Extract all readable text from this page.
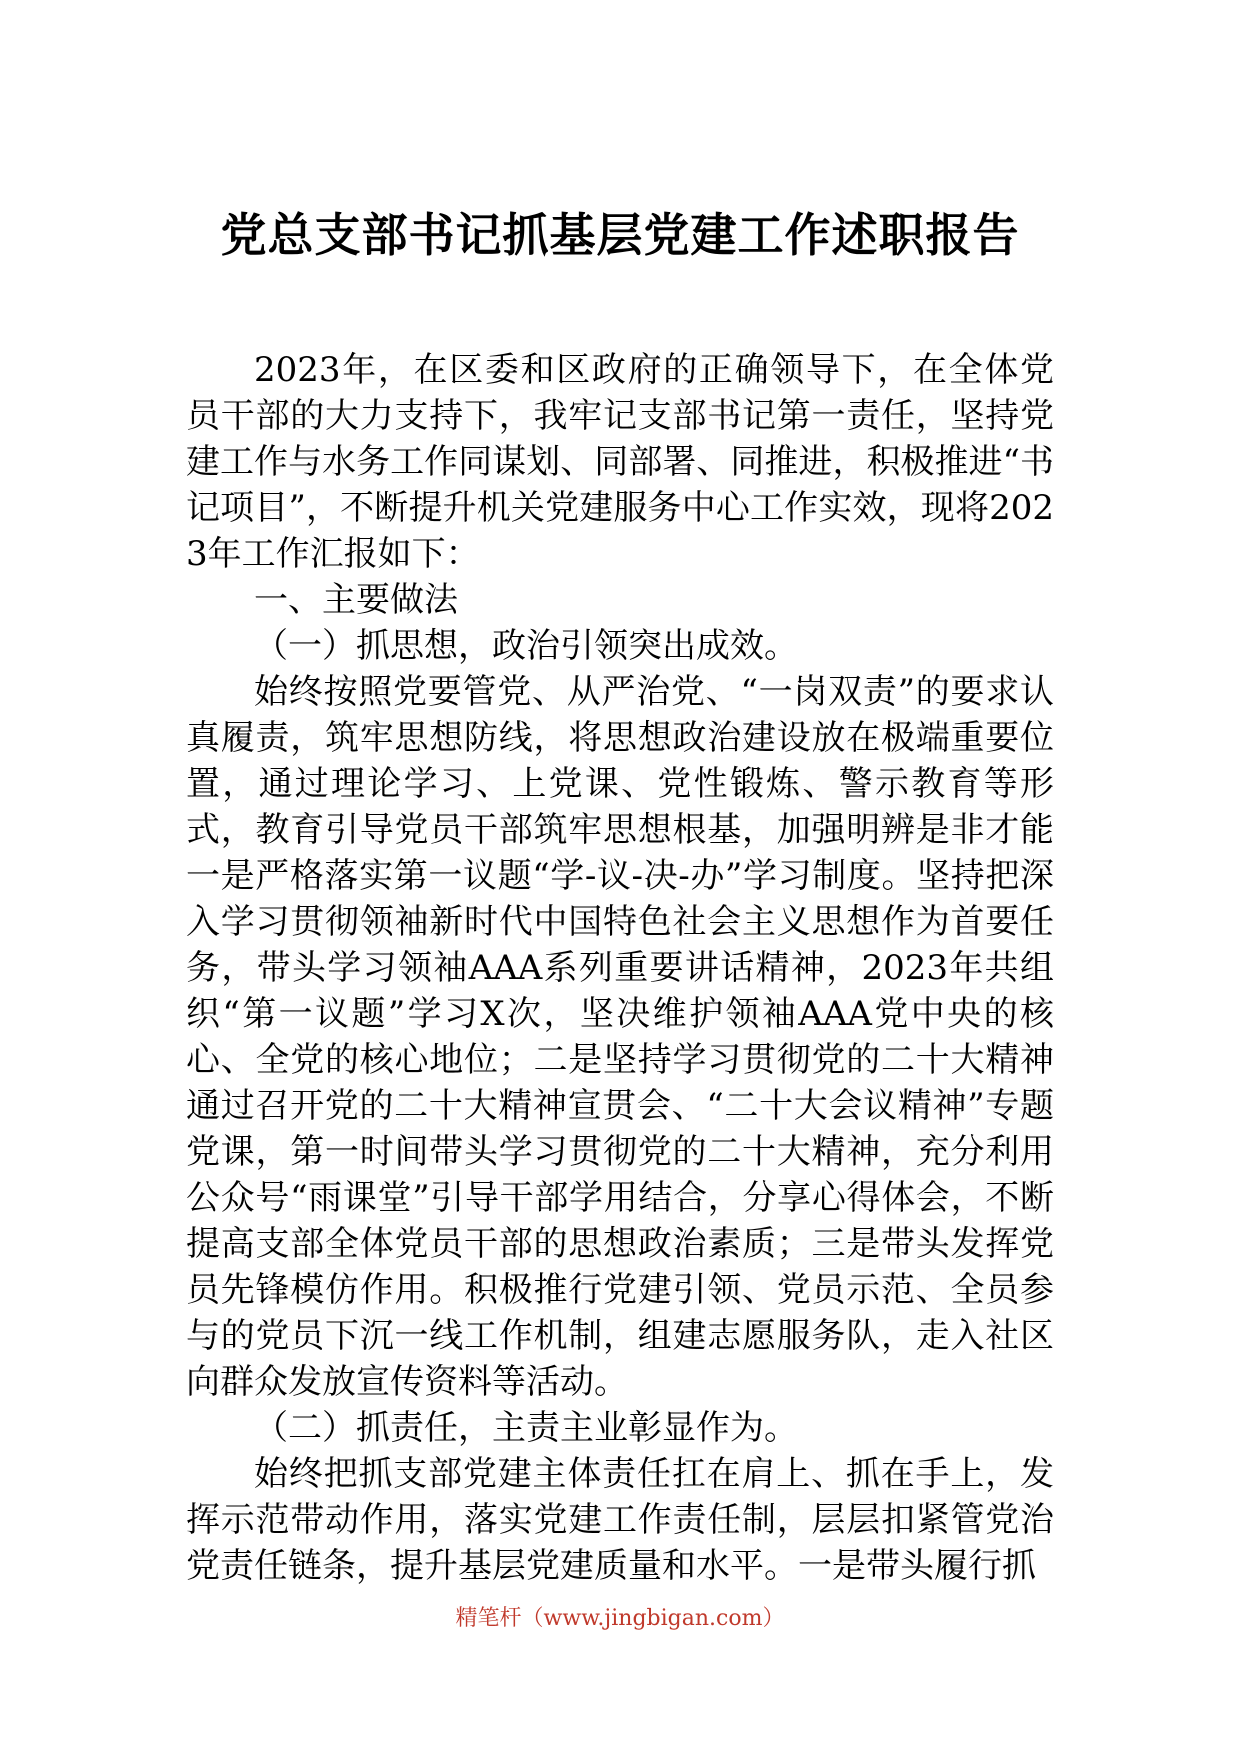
党总支部书记抓基层党建工作述职报告

2023年，在区委和区政府的正确领导下，在全体党员干部的大力支持下，我牢记支部书记第一责任，坚持党建工作与水务工作同谋划、同部署、同推进，积极推进“书记项目”，不断提升机关党建服务中心工作实效，现将2023年工作汇报如下：

一、主要做法

（一）抓思想，政治引领突出成效。

始终按照党要管党、从严治党、“一岗双责”的要求认真履责，筑牢思想防线，将思想政治建设放在极端重要位置，通过理论学习、上党课、党性锻炼、警示教育等形式，教育引导党员干部筑牢思想根基，加强明辨是非才能一是严格落实第一议题“学-议-决-办”学习制度。坚持把深入学习贯彻领袖新时代中国特色社会主义思想作为首要任务，带头学习领袖AAA系列重要讲话精神，2023年共组织“第一议题”学习X次，坚决维护领袖AAA党中央的核心、全党的核心地位；二是坚持学习贯彻党的二十大精神通过召开党的二十大精神宣贯会、“二十大会议精神”专题党课，第一时间带头学习贯彻党的二十大精神，充分利用公众号“雨课堂”引导干部学用结合，分享心得体会，不断提高支部全体党员干部的思想政治素质；三是带头发挥党员先锋模仿作用。积极推行党建引领、党员示范、全员参与的党员下沉一线工作机制，组建志愿服务队，走入社区向群众发放宣传资料等活动。

（二）抓责任，主责主业彰显作为。

始终把抓支部党建主体责任扛在肩上、抓在手上，发挥示范带动作用，落实党建工作责任制，层层扣紧管党治党责任链条，提升基层党建质量和水平。一是带头履行抓

精笔杆（www.jingbigan.com）
